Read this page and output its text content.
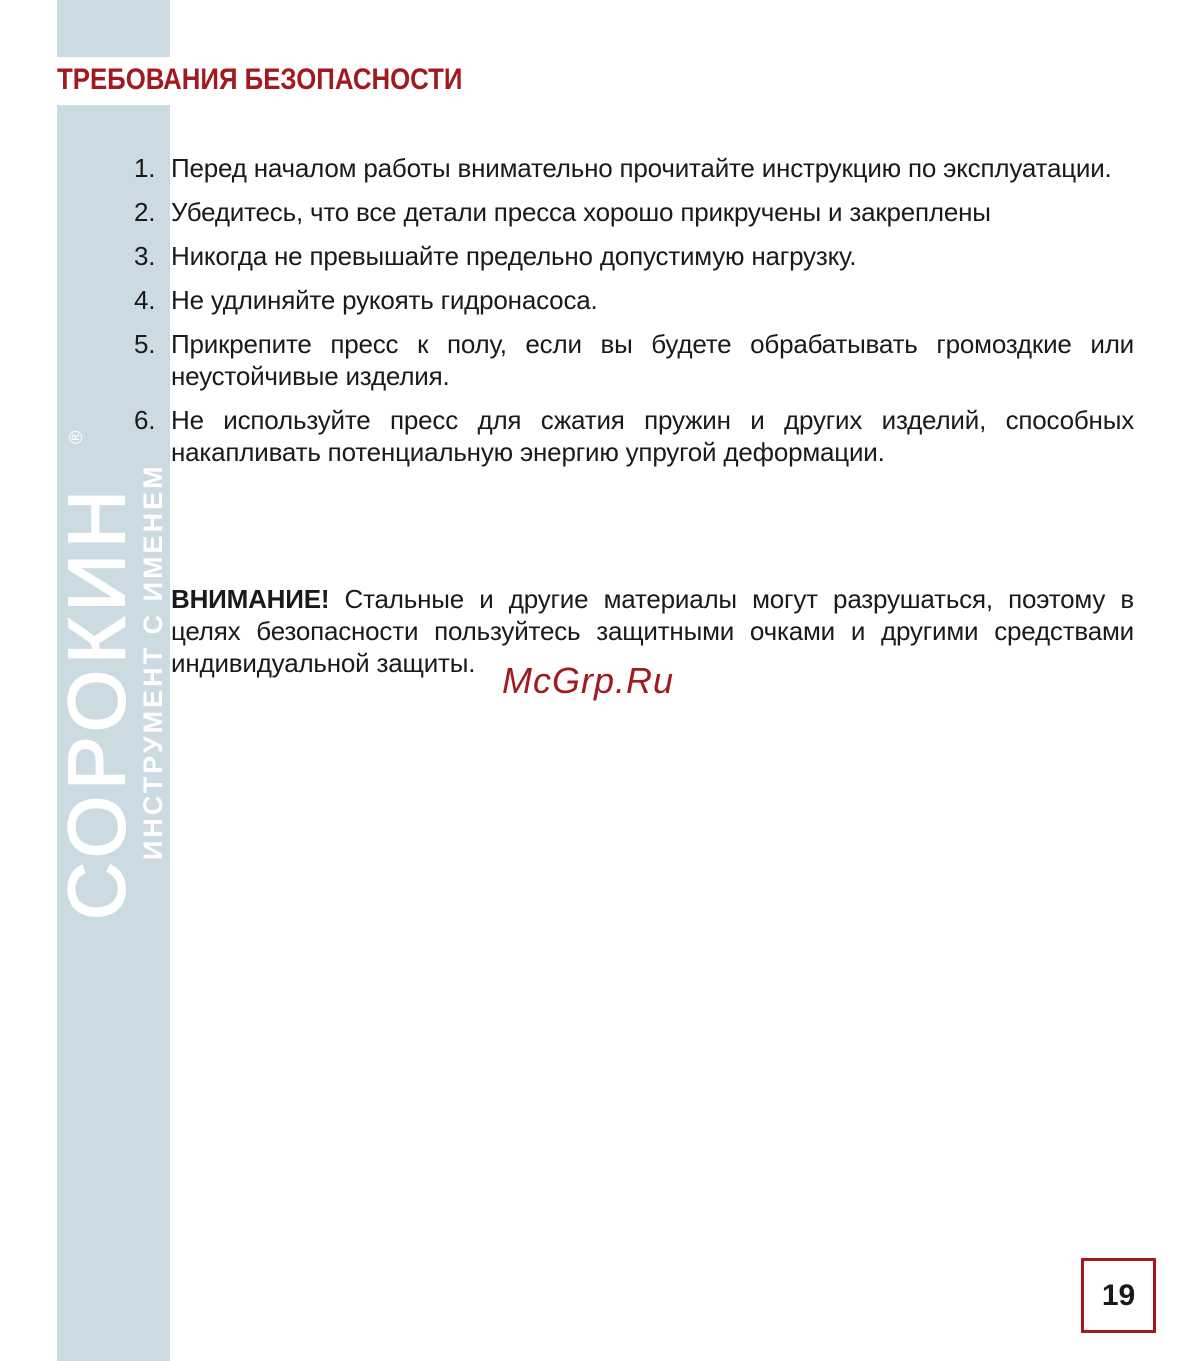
ТРЕБОВАНИЯ БЕЗОПАСНОСТИ
СОРОКИН
ИНСТРУМЕНТ С ИМЕНЕМ
®
1. Перед началом работы внимательно прочитайте инструкцию по эксплуатации.
2. Убедитесь, что все детали пресса хорошо прикручены и закреплены
3. Никогда не превышайте предельно допустимую нагрузку.
4. Не удлиняйте рукоять гидронасоса.
5. Прикрепите пресс к полу, если вы будете обрабатывать громоздкие или неустойчивые изделия.
6. Не используйте пресс для сжатия пружин и других изделий, способных накапливать потенциальную энергию упругой деформации.

ВНИМАНИЕ! Стальные и другие материалы могут разрушаться, поэтому в целях безопасности пользуйтесь защитными очками и другими средствами индивидуальной защиты. McGrp.Ru
19
